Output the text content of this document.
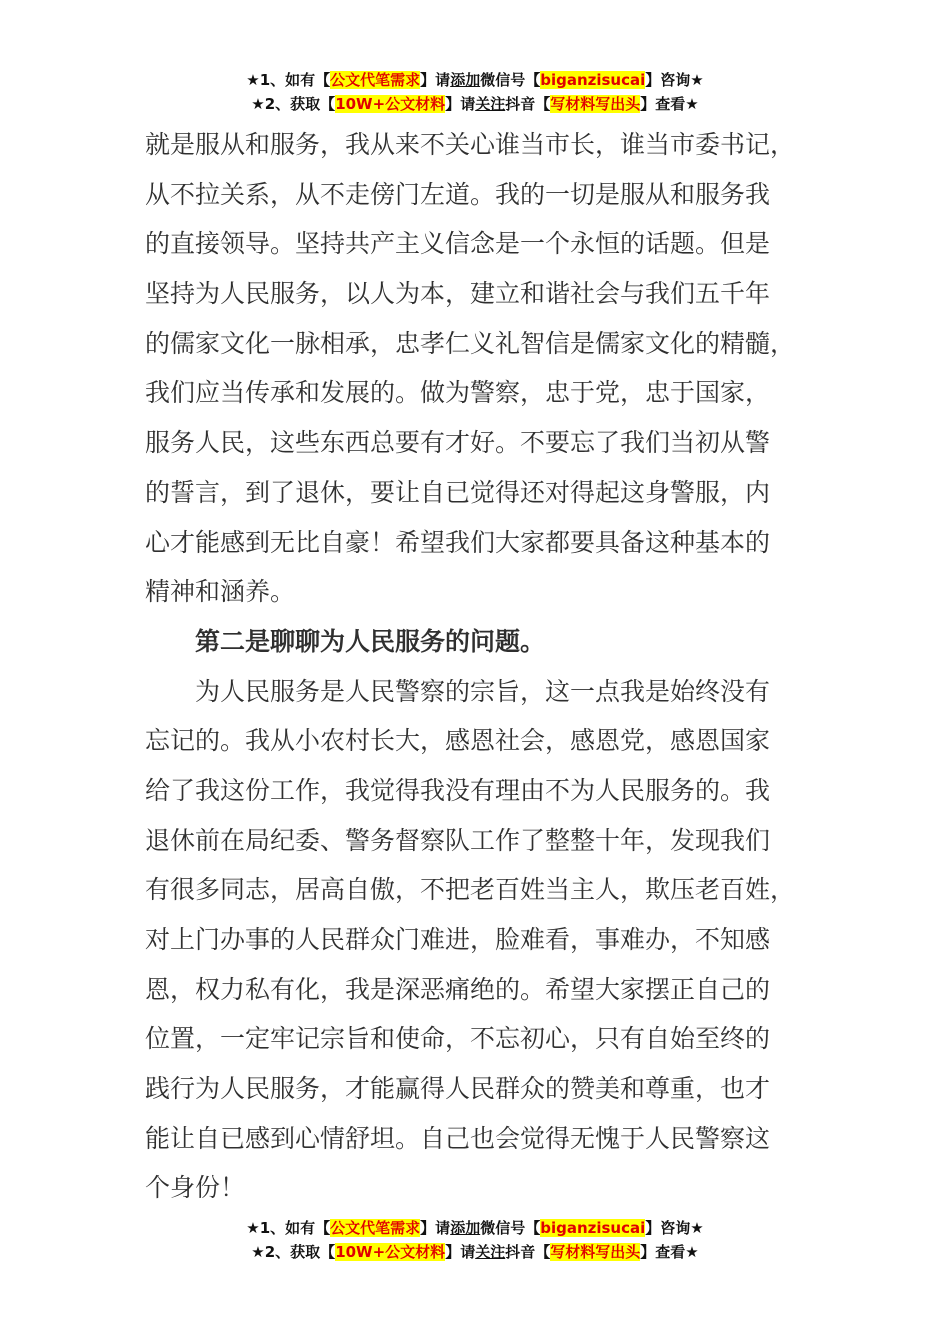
★1、如有【公文代笔需求】请添加微信号【biganzisucai】咨询★
★2、获取【10W+公文材料】请关注抖音【写材料写出头】查看★
就是服从和服务，我从来不关心谁当市长，谁当市委书记，
从不拉关系，从不走傍门左道。我的一切是服从和服务我
的直接领导。坚持共产主义信念是一个永恒的话题。但是
坚持为人民服务，以人为本，建立和谐社会与我们五千年
的儒家文化一脉相承，忠孝仁义礼智信是儒家文化的精髓，
我们应当传承和发展的。做为警察，忠于党，忠于国家，
服务人民，这些东西总要有才好。不要忘了我们当初从警
的誓言，到了退休，要让自已觉得还对得起这身警服，内
心才能感到无比自豪！希望我们大家都要具备这种基本的
精神和涵养。
第二是聊聊为人民服务的问题。
为人民服务是人民警察的宗旨，这一点我是始终没有
忘记的。我从小农村长大，感恩社会，感恩党，感恩国家
给了我这份工作，我觉得我没有理由不为人民服务的。我
退休前在局纪委、警务督察队工作了整整十年，发现我们
有很多同志，居高自傲，不把老百姓当主人，欺压老百姓，
对上门办事的人民群众门难进，脸难看，事难办，不知感
恩，权力私有化，我是深恶痛绝的。希望大家摆正自己的
位置，一定牢记宗旨和使命，不忘初心，只有自始至终的
践行为人民服务，才能赢得人民群众的赞美和尊重，也才
能让自已感到心情舒坦。自己也会觉得无愧于人民警察这
个身份！
★1、如有【公文代笔需求】请添加微信号【biganzisucai】咨询★
★2、获取【10W+公文材料】请关注抖音【写材料写出头】查看★
